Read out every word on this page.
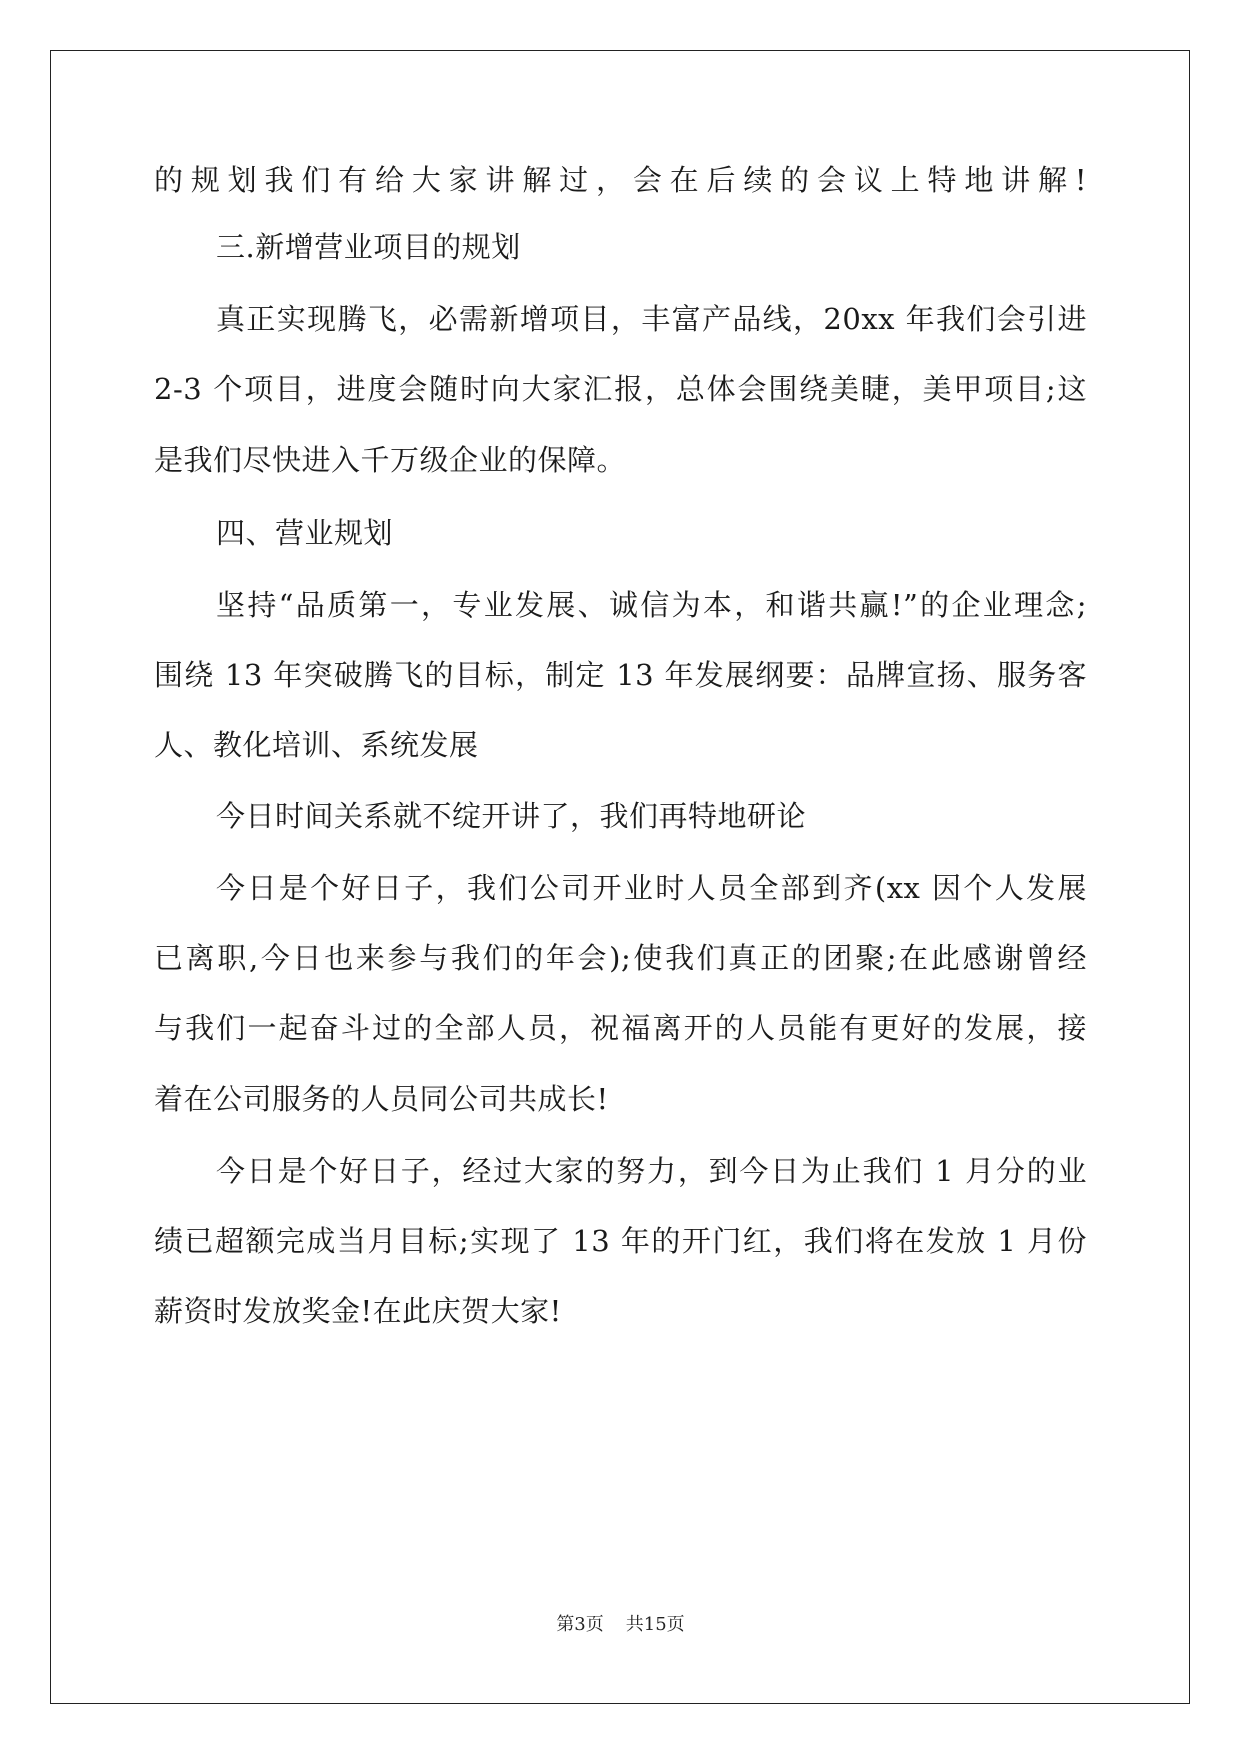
的规划我们有给大家讲解过，会在后续的会议上特地讲解!
三.新增营业项目的规划
真正实现腾飞，必需新增项目，丰富产品线，20xx 年我们会引进
2-3 个项目，进度会随时向大家汇报，总体会围绕美睫，美甲项目;这
是我们尽快进入千万级企业的保障。
四、营业规划
坚持“品质第一，专业发展、诚信为本，和谐共赢!”的企业理念;
围绕 13 年突破腾飞的目标，制定 13 年发展纲要：品牌宣扬、服务客
人、教化培训、系统发展
今日时间关系就不绽开讲了，我们再特地研论
今日是个好日子，我们公司开业时人员全部到齐(xx 因个人发展
已离职,今日也来参与我们的年会);使我们真正的团聚;在此感谢曾经
与我们一起奋斗过的全部人员，祝福离开的人员能有更好的发展，接
着在公司服务的人员同公司共成长!
今日是个好日子，经过大家的努力，到今日为止我们 1 月分的业
绩已超额完成当月目标;实现了 13 年的开门红，我们将在发放 1 月份
薪资时发放奖金!在此庆贺大家!
第3页 共15页
